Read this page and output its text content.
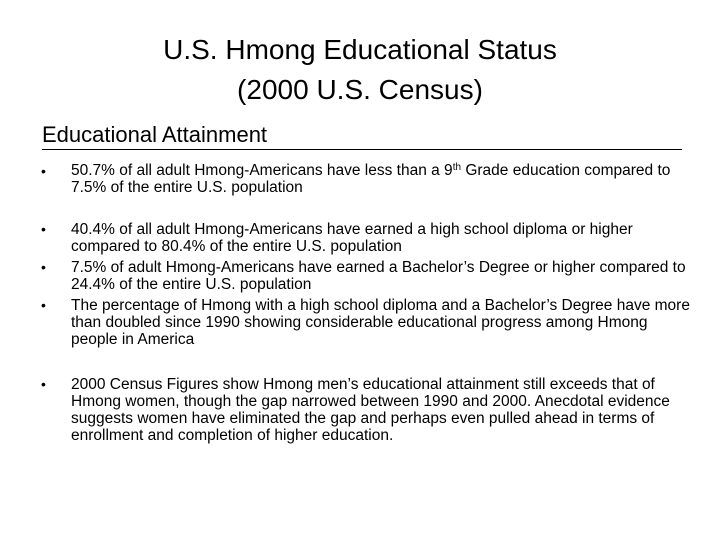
U.S. Hmong Educational Status
(2000 U.S. Census)
Educational Attainment
• 50.7% of all adult Hmong-Americans have less than a 9th Grade education compared to 7.5% of the entire U.S. population
• 40.4% of all adult Hmong-Americans have earned a high school diploma or higher compared to 80.4% of the entire U.S. population
• 7.5% of adult Hmong-Americans have earned a Bachelor’s Degree or higher compared to 24.4% of the entire U.S. population
• The percentage of Hmong with a high school diploma and a Bachelor’s Degree have more than doubled since 1990 showing considerable educational progress among Hmong people in America
• 2000 Census Figures show Hmong men’s educational attainment still exceeds that of Hmong women, though the gap narrowed between 1990 and 2000. Anecdotal evidence suggests women have eliminated the gap and perhaps even pulled ahead in terms of enrollment and completion of higher education.
